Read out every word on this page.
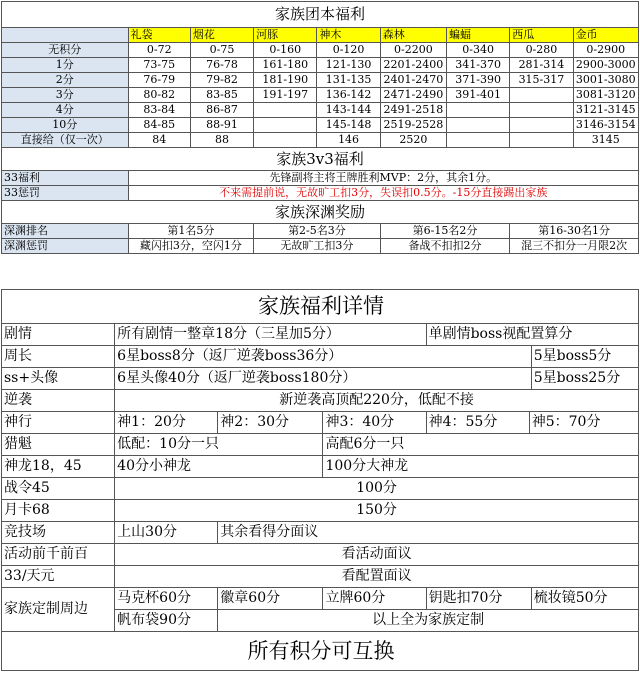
家族团本福利								
	礼袋	烟花	河豚	神木	森林	蝙蝠	西瓜	金币
无积分	0-72	0-75	0-160	0-120	0-2200	0-340	0-280	0-2900
1分	73-75	76-78	161-180	121-130	2201-2400	341-370	281-314	2900-3000
2分	76-79	79-82	181-190	131-135	2401-2470	371-390	315-317	3001-3080
3分	80-82	83-85	191-197	136-142	2471-2490	391-401		3081-3120
4分	83-84	86-87		143-144	2491-2518			3121-3145
10分	84-85	88-91		145-148	2519-2528			3146-3154
直接给（仅一次）	84	88		146	2520			3145
家族3v3福利								
33福利	先锋副将主将王牌胜利MVP：2分，其余1分。							
33惩罚	不来需提前说，无故旷工扣3分，失误扣0.5分。-15分直接踢出家族							
家族深渊奖励								
深渊排名	第1名5分		第2-5名3分		第6-15名2分		第16-30名1分	
深渊惩罚	藏闪扣3分，空闪1分		无故旷工扣3分		备战不扣扣2分		混三不扣分一月限2次	
家族福利详情						
剧情	所有剧情一整章18分（三星加5分）			单剧情boss视配置算分		
周长	6星boss8分（返厂逆袭boss36分）					5星boss5分
ss+头像	6星头像40分（返厂逆袭boss180分）					5星boss25分
逆袭	新逆袭高顶配220分，低配不接					
神行	神1：20分	神2：30分	神3：40分	神4：55分	神5：70分	
猎魁	低配：10分一只		高配6分一只			
神龙18，45	40分小神龙		100分大神龙			
战令45	100分					
月卡68	150分					
竞技场	上山30分	其余看得分面议				
活动前千前百	看活动面议					
33/天元	看配置面议					
家族定制周边	马克杯60分	徽章60分	立牌60分	钥匙扣70分		梳妆镜50分
	帆布袋90分	以上全为家族定制				
所有积分可互换						
